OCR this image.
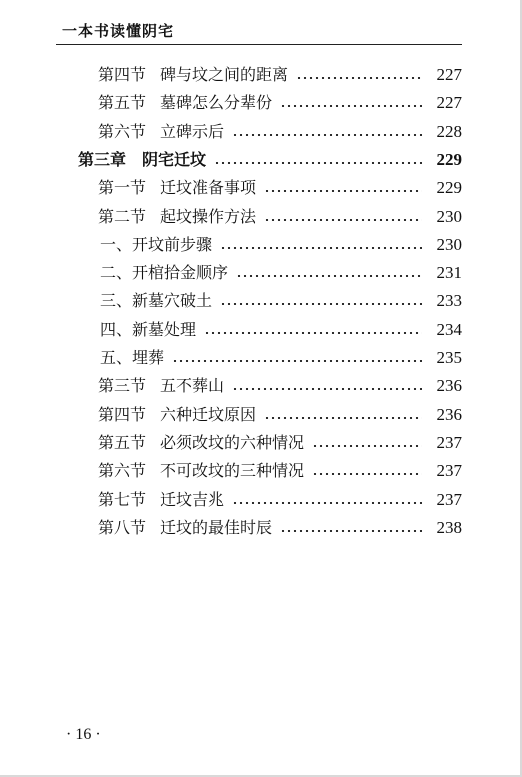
一本书读懂阴宅
第四节 碑与坟之间的距离	227
第五节 墓碑怎么分辈份	227
第六节 立碑示后	228
第三章 阴宅迁坟	229
第一节 迁坟准备事项	229
第二节 起坟操作方法	230
一、开坟前步骤	230
二、开棺拾金顺序	231
三、新墓穴破土	233
四、新墓处理	234
五、埋葬	235
第三节 五不葬山	236
第四节 六种迁坟原因	236
第五节 必须改坟的六种情况	237
第六节 不可改坟的三种情况	237
第七节 迁坟吉兆	237
第八节 迁坟的最佳时辰	238
· 16 ·
